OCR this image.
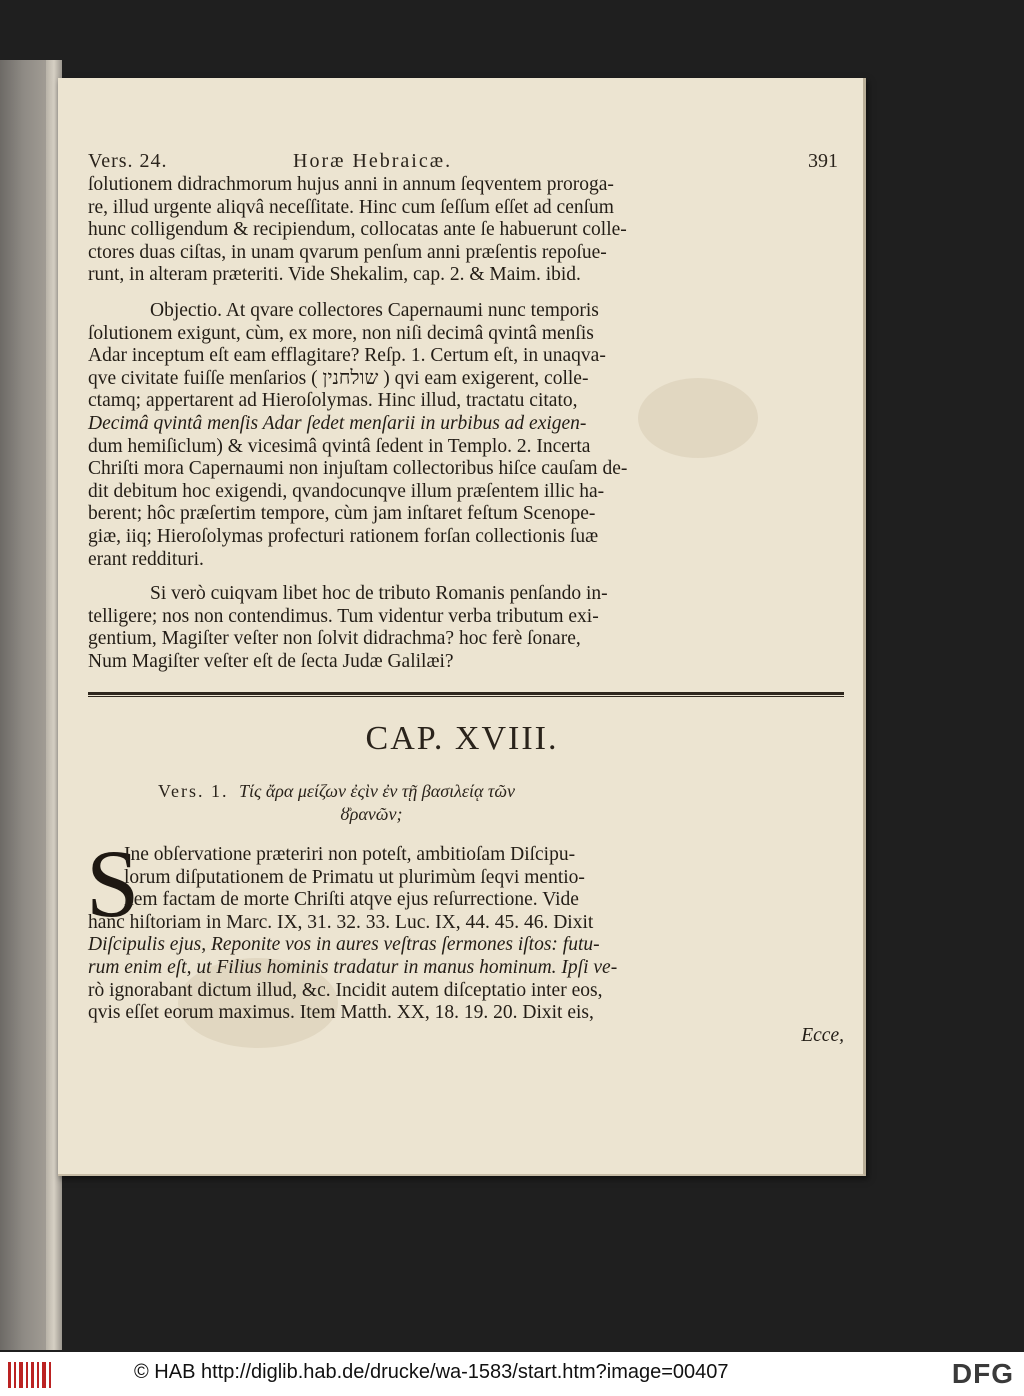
Vers. 24.	Horæ Hebraicæ.	391
ſolutionem didrachmorum hujus anni in annum ſeqventem proroga-
re, illud urgente aliqvâ neceſſitate. Hinc cum ſeſſum eſſet ad cenſum
hunc colligendum & recipiendum, collocatas ante ſe habuerunt colle-
ctores duas ciſtas, in unam qvarum penſum anni præſentis repoſue-
runt, in alteram præteriti. Vide Shekalim, cap. 2. & Maim. ibid.
Objectio. At qvare collectores Capernaumi nunc temporis
ſolutionem exigunt, cùm, ex more, non niſi decimâ qvintâ menſis
Adar inceptum eſt eam efflagitare? Reſp. 1. Certum eſt, in unaqva-
qve civitate fuiſſe menſarios ( שולחנין ) qvi eam exigerent, colle-
ctamq; appertarent ad Hieroſolymas. Hinc illud, tractatu citato,
Decimâ qvintâ menſis Adar ſedet menſarii in urbibus ad exigen-
dum hemiſiclum) & vicesimâ qvintâ ſedent in Templo. 2. Incerta
Chriſti mora Capernaumi non injuſtam collectoribus hiſce cauſam de-
dit debitum hoc exigendi, qvandocunqve illum præſentem illic ha-
berent; hôc præſertim tempore, cùm jam inſtaret feſtum Scenope-
giæ, iiq; Hieroſolymas profecturi rationem forſan collectionis ſuæ
erant reddituri.
Si verò cuiqvam libet hoc de tributo Romanis penſando in-
telligere; nos non contendimus. Tum videntur verba tributum exi-
gentium, Magiſter veſter non ſolvit didrachma? hoc ferè ſonare,
Num Magiſter veſter eſt de ſecta Judæ Galilæi?
CAP. XVIII.
Vers. 1. Τίς ἄρα μείζων ἐςὶν ἐν τῇ βασιλείᾳ τῶν
ȣ͗ρανῶν;
S
Ine obſervatione præteriri non poteſt, ambitioſam Diſcipu-
lorum diſputationem de Primatu ut plurimùm ſeqvi mentio-
nem factam de morte Chriſti atqve ejus reſurrectione. Vide
hanc hiſtoriam in Marc. IX, 31. 32. 33. Luc. IX, 44. 45. 46. Dixit
Diſcipulis ejus, Reponite vos in aures veſtras ſermones iſtos: futu-
rum enim eſt, ut Filius hominis tradatur in manus hominum. Ipſi ve-
rò ignorabant dictum illud, &c. Incidit autem diſceptatio inter eos,
qvis eſſet eorum maximus. Item Matth. XX, 18. 19. 20. Dixit eis,
Ecce,
© HAB http://diglib.hab.de/drucke/wa-1583/start.htm?image=00407	DFG
